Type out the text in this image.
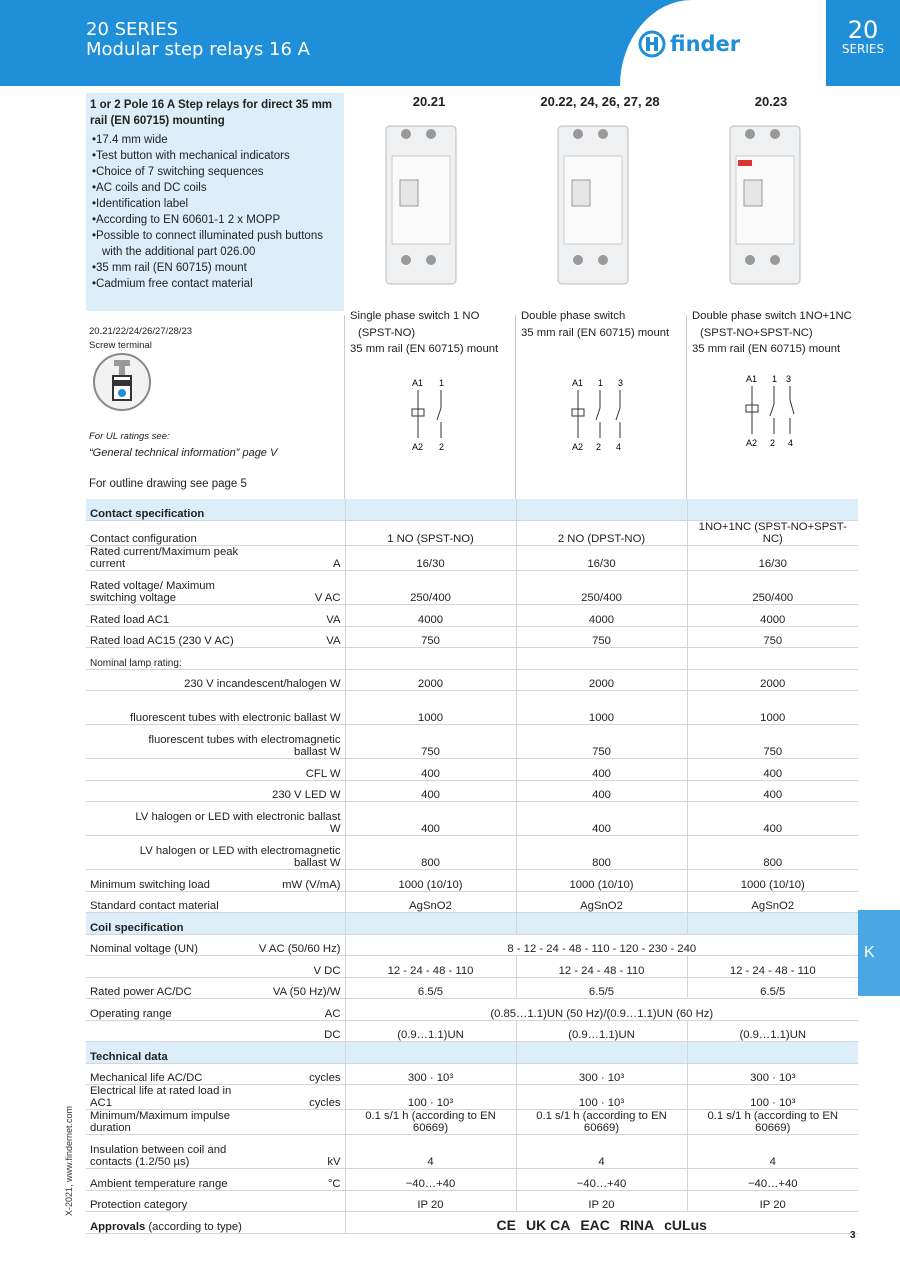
20 SERIES
Modular step relays 16 A	finder	20
SERIES
1 or 2 Pole 16 A Step relays for direct 35 mm rail (EN 60715) mounting
• 17.4 mm wide
• Test button with mechanical indicators
• Choice of 7 switching sequences
• AC coils and DC coils
• Identification label
• According to EN 60601-1 2 x MOPP
• Possible to connect illuminated push buttons with the additional part 026.00
• 35 mm rail (EN 60715) mount
• Cadmium free contact material
20.21/22/24/26/27/28/23
Screw terminal
For UL ratings see:
“General technical information” page V
For outline drawing see page 5
20.21	20.22, 24, 26, 27, 28	20.23
Single phase switch 1 NO (SPST-NO)
35 mm rail (EN 60715) mount
Double phase switch
35 mm rail (EN 60715) mount
Double phase switch 1NO+1NC (SPST-NO+SPST-NC)
35 mm rail (EN 60715) mount
A1 1
A2 2
A1 1 3
A2 2 4
A1 1 3
A2 2 4
Contact specification				
Contact configuration		1 NO (SPST-NO)	2 NO (DPST-NO)	1NO+1NC (SPST-NO+SPST-NC)
Rated current/Maximum peak current	A	16/30	16/30	16/30
Rated voltage/ Maximum switching voltage	V AC	250/400	250/400	250/400
Rated load AC1	VA	4000	4000	4000
Rated load AC15 (230 V AC)	VA	750	750	750
Nominal lamp rating:				
230 V incandescent/halogen W		2000	2000	2000
fluorescent tubes with electronic ballast W		1000	1000	1000
fluorescent tubes with electromagnetic ballast W		750	750	750
CFL W		400	400	400
230 V LED W		400	400	400
LV halogen or LED with electronic ballast W		400	400	400
LV halogen or LED with electromagnetic ballast W		800	800	800
Minimum switching load	mW (V/mA)	1000 (10/10)	1000 (10/10)	1000 (10/10)
Standard contact material		AgSnO2	AgSnO2	AgSnO2
Coil specification				
Nominal voltage (UN)	V AC (50/60 Hz)	8 - 12 - 24 - 48 - 110 - 120 - 230 - 240		
	V DC	12 - 24 - 48 - 110	12 - 24 - 48 - 110	12 - 24 - 48 - 110
Rated power AC/DC	VA (50 Hz)/W	6.5/5	6.5/5	6.5/5
Operating range	AC	(0.85…1.1)UN (50 Hz)/(0.9…1.1)UN (60 Hz)		
	DC	(0.9…1.1)UN	(0.9…1.1)UN	(0.9…1.1)UN
Technical data				
Mechanical life AC/DC	cycles	300 · 10³	300 · 10³	300 · 10³
Electrical life at rated load in AC1	cycles	100 · 10³	100 · 10³	100 · 10³
Minimum/Maximum impulse duration		0.1 s/1 h (according to EN 60669)	0.1 s/1 h (according to EN 60669)	0.1 s/1 h (according to EN 60669)
Insulation between coil and contacts (1.2/50 µs)	kV	4	4	4
Ambient temperature range	°C	−40…+40	−40…+40	−40…+40
Protection category		IP 20	IP 20	IP 20
Approvals (according to type)		CE UK CA EAC RINA cULus		
K
X-2021, www.findernet.com
3
